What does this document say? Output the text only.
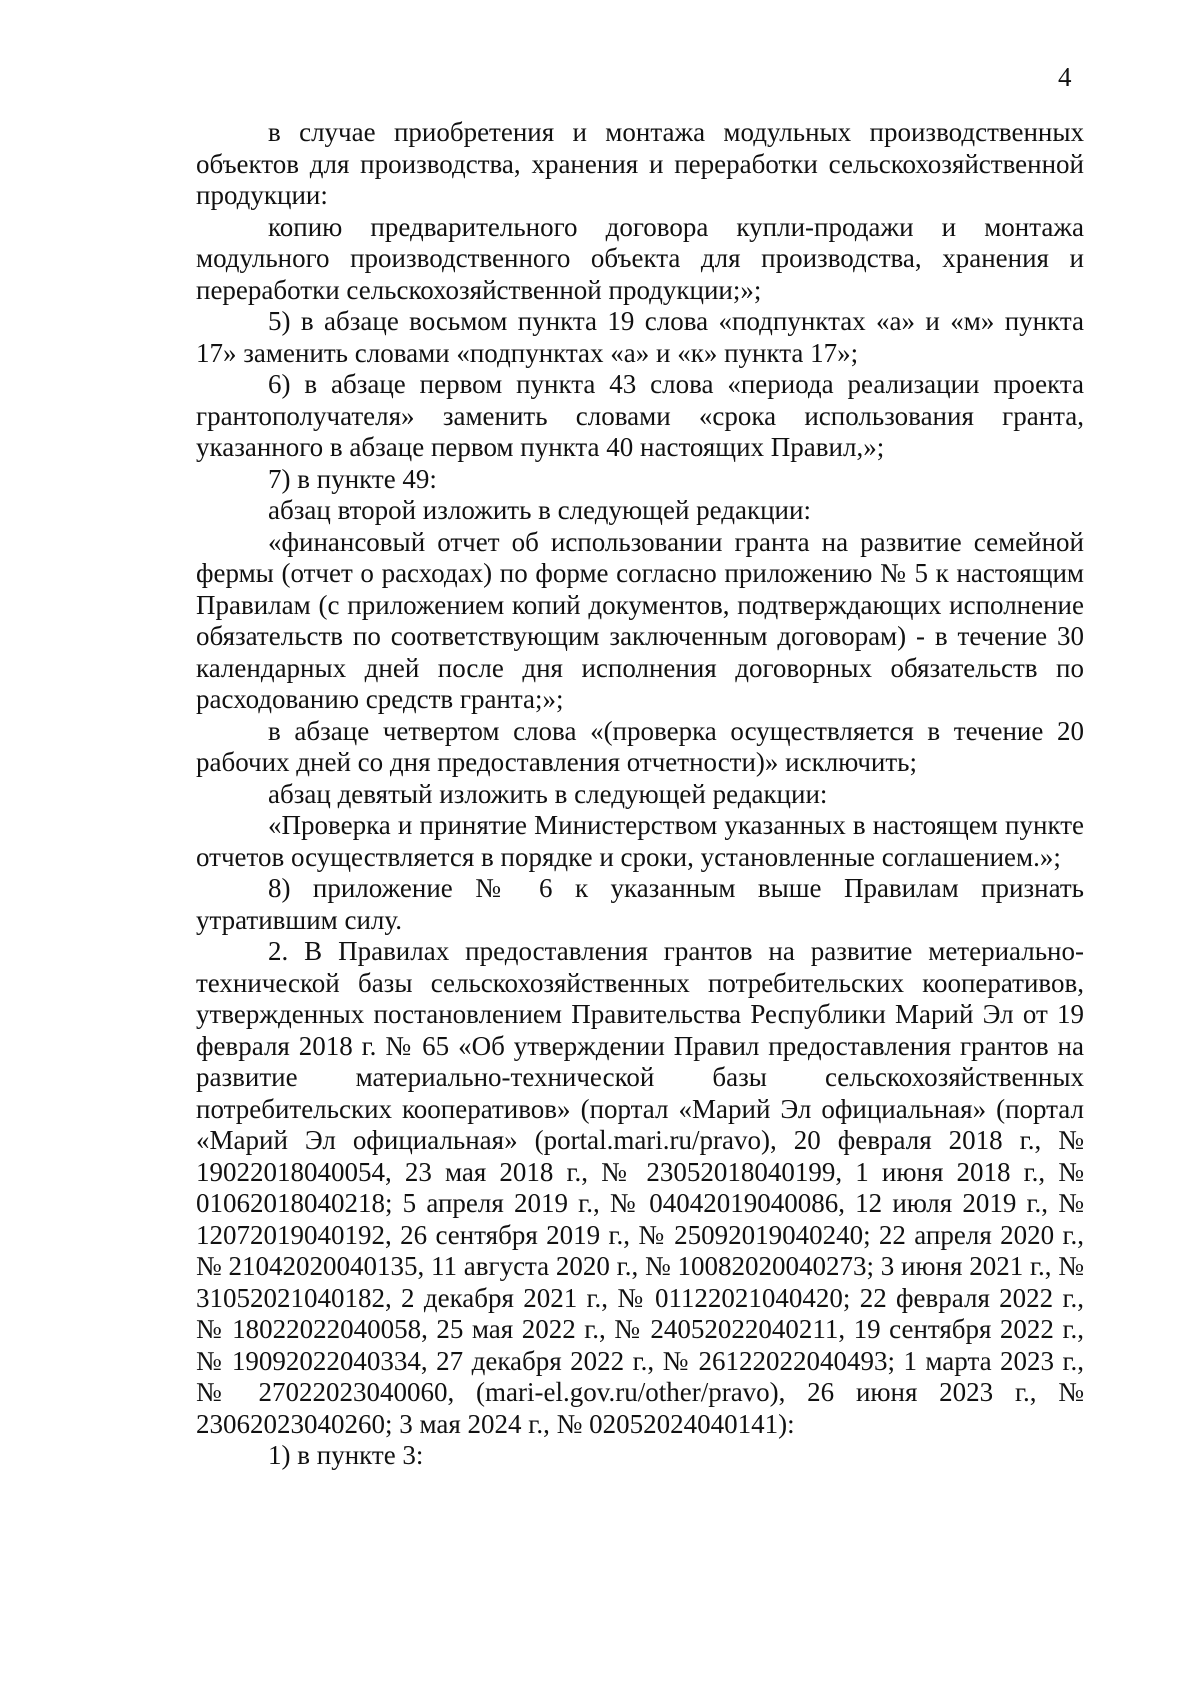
4

в случае приобретения и монтажа модульных производственных объектов для производства, хранения и переработки сельскохозяйственной продукции:

копию предварительного договора купли-продажи и монтажа модульного производственного объекта для производства, хранения и переработки сельскохозяйственной продукции;»;

5) в абзаце восьмом пункта 19 слова «подпунктах «а» и «м» пункта 17» заменить словами «подпунктах «а» и «к» пункта 17»;

6) в абзаце первом пункта 43 слова «периода реализации проекта грантополучателя» заменить словами «срока использования гранта, указанного в абзаце первом пункта 40 настоящих Правил,»;

7) в пункте 49:

абзац второй изложить в следующей редакции:

«финансовый отчет об использовании гранта на развитие семейной фермы (отчет о расходах) по форме согласно приложению № 5 к настоящим Правилам (с приложением копий документов, подтверждающих исполнение обязательств по соответствующим заключенным договорам) - в течение 30 календарных дней после дня исполнения договорных обязательств по расходованию средств гранта;»;

в абзаце четвертом слова «(проверка осуществляется в течение 20 рабочих дней со дня предоставления отчетности)» исключить;

абзац девятый изложить в следующей редакции:

«Проверка и принятие Министерством указанных в настоящем пункте отчетов осуществляется в порядке и сроки, установленные соглашением.»;

8) приложение № 6 к указанным выше Правилам признать утратившим силу.

2. В Правилах предоставления грантов на развитие метериально-технической базы сельскохозяйственных потребительских кооперативов, утвержденных постановлением Правительства Республики Марий Эл от 19 февраля 2018 г. № 65 «Об утверждении Правил предоставления грантов на развитие материально-технической базы сельскохозяйственных потребительских кооперативов» (портал «Марий Эл официальная» (портал «Марий Эл официальная» (portal.mari.ru/pravo), 20 февраля 2018 г., № 19022018040054, 23 мая 2018 г., № 23052018040199, 1 июня 2018 г., № 01062018040218; 5 апреля 2019 г., № 04042019040086, 12 июля 2019 г., № 12072019040192, 26 сентября 2019 г., № 25092019040240; 22 апреля 2020 г., № 21042020040135, 11 августа 2020 г., № 10082020040273; 3 июня 2021 г., № 31052021040182, 2 декабря 2021 г., № 01122021040420; 22 февраля 2022 г., № 18022022040058, 25 мая 2022 г., № 24052022040211, 19 сентября 2022 г., № 19092022040334, 27 декабря 2022 г., № 26122022040493; 1 марта 2023 г., № 27022023040060, (mari-el.gov.ru/other/pravo), 26 июня 2023 г., № 23062023040260; 3 мая 2024 г., № 02052024040141):

1) в пункте 3:
